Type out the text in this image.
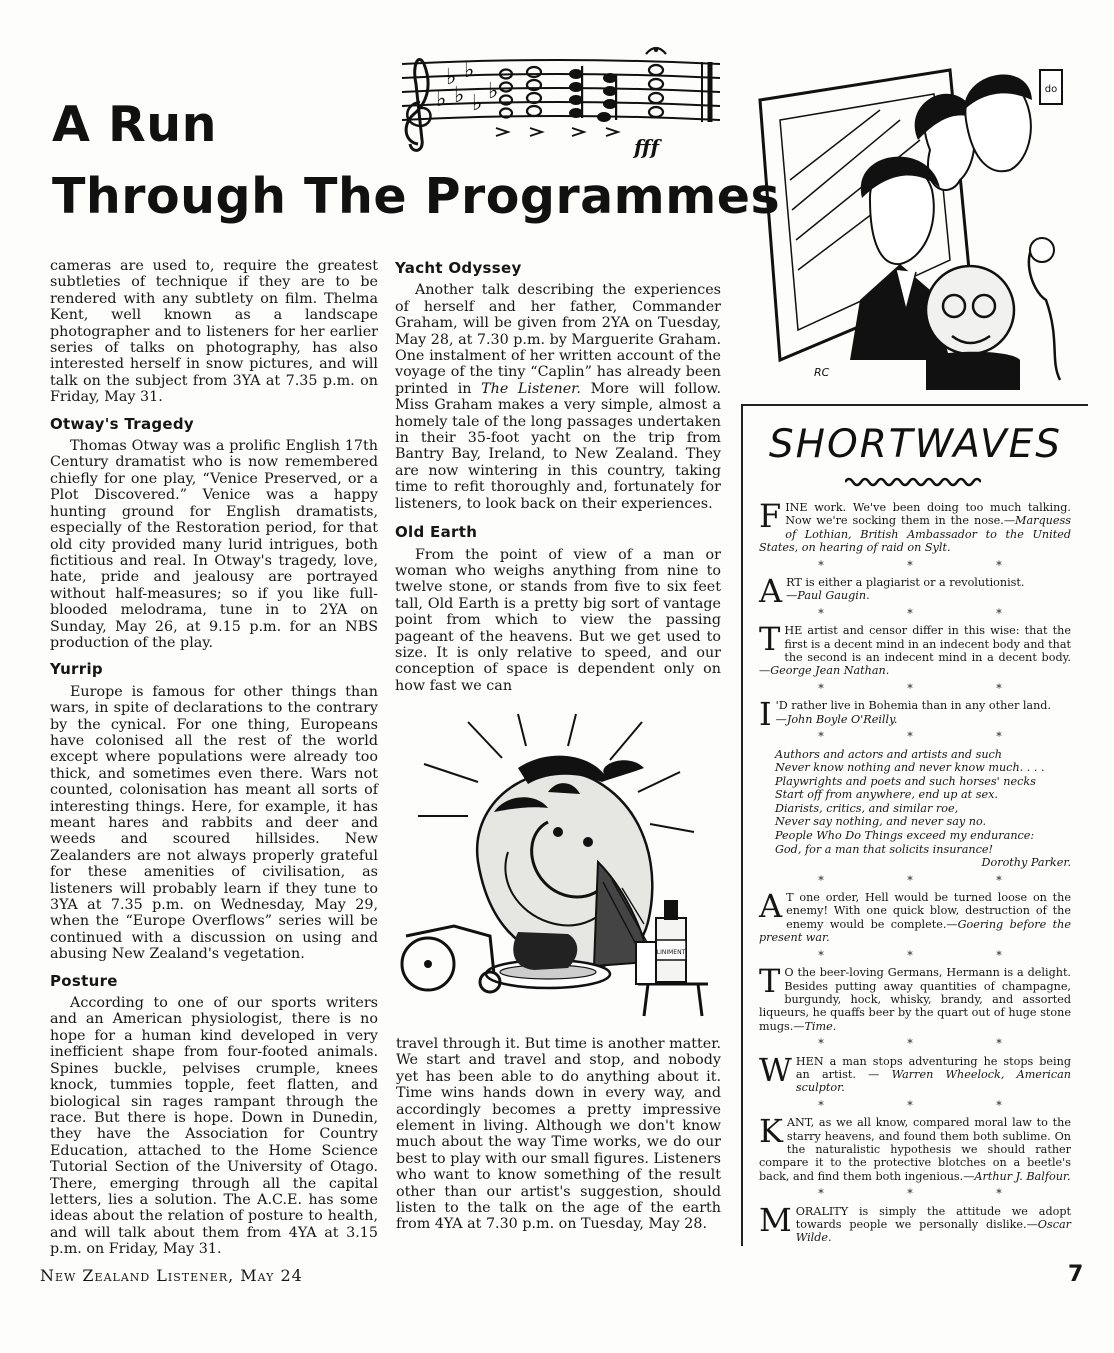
A Run
Through The Programmes
♭ ♭
♭ ♭ ♭ ♭
fff

cameras are used to, require the greatest subtleties of technique if they are to be rendered with any subtlety on film. Thelma Kent, well known as a landscape photographer and to listeners for her earlier series of talks on photography, has also interested herself in snow pictures, and will talk on the subject from 3YA at 7.35 p.m. on Friday, May 31.

Otway's Tragedy

Thomas Otway was a prolific English 17th Century dramatist who is now remembered chiefly for one play, “Venice Preserved, or a Plot Discovered.” Venice was a happy hunting ground for English dramatists, especially of the Restoration period, for that old city provided many lurid intrigues, both fictitious and real. In Otway's tragedy, love, hate, pride and jealousy are portrayed without half-measures; so if you like full-blooded melodrama, tune in to 2YA on Sunday, May 26, at 9.15 p.m. for an NBS production of the play.

Yurrip

Europe is famous for other things than wars, in spite of declarations to the contrary by the cynical. For one thing, Europeans have colonised all the rest of the world except where populations were already too thick, and sometimes even there. Wars not counted, colonisation has meant all sorts of interesting things. Here, for example, it has meant hares and rabbits and deer and weeds and scoured hillsides. New Zealanders are not always properly grateful for these amenities of civilisation, as listeners will probably learn if they tune to 3YA at 7.35 p.m. on Wednesday, May 29, when the “Europe Overflows” series will be continued with a discussion on using and abusing New Zealand's vegetation.

Posture

According to one of our sports writers and an American physiologist, there is no hope for a human kind developed in very inefficient shape from four-footed animals. Spines buckle, pelvises crumple, knees knock, tummies topple, feet flatten, and biological sin rages rampant through the race. But there is hope. Down in Dunedin, they have the Association for Country Education, attached to the Home Science Tutorial Section of the University of Otago. There, emerging through all the capital letters, lies a solution. The A.C.E. has some ideas about the relation of posture to health, and will talk about them from 4YA at 3.15 p.m. on Friday, May 31.

Yacht Odyssey

Another talk describing the experiences of herself and her father, Commander Graham, will be given from 2YA on Tuesday, May 28, at 7.30 p.m. by Marguerite Graham. One instalment of her written account of the voyage of the tiny “Caplin” has already been printed in The Listener. More will follow. Miss Graham makes a very simple, almost a homely tale of the long passages undertaken in their 35-foot yacht on the trip from Bantry Bay, Ireland, to New Zealand. They are now wintering in this country, taking time to refit thoroughly and, fortunately for listeners, to look back on their experiences.

Old Earth

From the point of view of a man or woman who weighs anything from nine to twelve stone, or stands from five to six feet tall, Old Earth is a pretty big sort of vantage point from which to view the passing pageant of the heavens. But we get used to size. It is only relative to speed, and our conception of space is dependent only on how fast we can

LINIMENT

travel through it. But time is another matter. We start and travel and stop, and nobody yet has been able to do anything about it. Time wins hands down in every way, and accordingly becomes a pretty impressive element in living. Although we don't know much about the way Time works, we do our best to play with our small figures. Listeners who want to know something of the result other than our artist's suggestion, should listen to the talk on the age of the earth from 4YA at 7.30 p.m. on Tuesday, May 28.

do
RC
SHORTWAVES
FINE work. We've been doing too much talking. Now we're socking them in the nose.—Marquess of Lothian, British Ambassador to the United States, on hearing of raid on Sylt.
* * *
ART is either a plagiarist or a revolutionist.
—Paul Gaugin.
* * *
THE artist and censor differ in this wise: that the first is a decent mind in an indecent body and that the second is an indecent mind in a decent body.—George Jean Nathan.
* * *
I 'D rather live in Bohemia than in any other land.
—John Boyle O'Reilly.
* * *
Authors and actors and artists and such
Never know nothing and never know much. . . .
Playwrights and poets and such horses' necks
Start off from anywhere, end up at sex.
Diarists, critics, and similar roe,
Never say nothing, and never say no.
People Who Do Things exceed my endurance:
God, for a man that solicits insurance!
Dorothy Parker.
* * *
A T one order, Hell would be turned loose on the enemy! With one quick blow, destruction of the enemy would be complete.—Goering before the present war.
* * *
T O the beer-loving Germans, Hermann is a delight. Besides putting away quantities of champagne, burgundy, hock, whisky, brandy, and assorted liqueurs, he quaffs beer by the quart out of huge stone mugs.—Time.
* * *
WHEN a man stops adventuring he stops being an artist. — Warren Wheelock, American sculptor.
* * *
KANT, as we all know, compared moral law to the starry heavens, and found them both sublime. On the naturalistic hypothesis we should rather compare it to the protective blotches on a beetle's back, and find them both ingenious.—Arthur J. Balfour.
* * *
MORALITY is simply the attitude we adopt towards people we personally dislike.—Oscar Wilde.
New Zealand Listener, May 24	7
